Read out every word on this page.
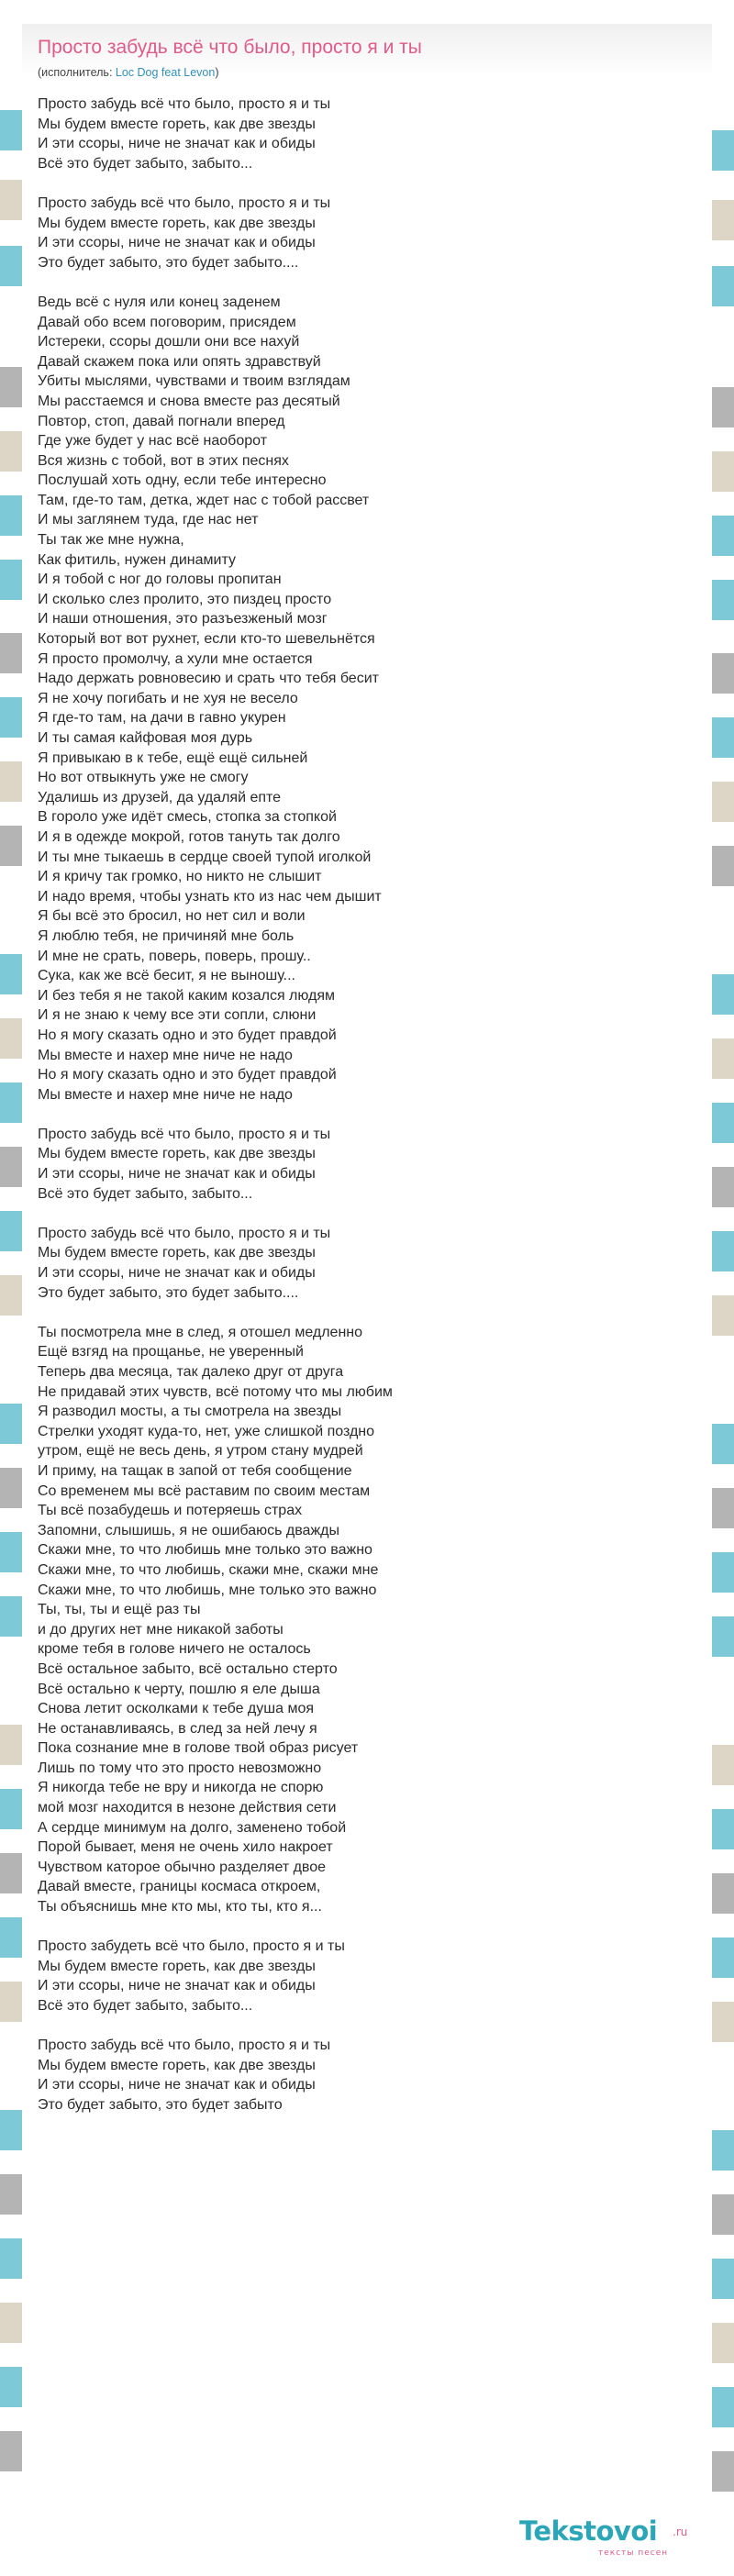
Просто забудь всё что было, просто я и ты
(исполнитель: Loc Dog feat Levon)
Просто забудь всё что было, просто я и ты
Мы будем вместе гореть, как две звезды
И эти ссоры, ниче не значат как и обиды
Всё это будет забыто, забыто...
Просто забудь всё что было, просто я и ты
Мы будем вместе гореть, как две звезды
И эти ссоры, ниче не значат как и обиды
Это будет забыто, это будет забыто....
Ведь всё с нуля или конец заденем
Давай обо всем поговорим, присядем
Истереки, ссоры дошли они все нахуй
Давай скажем пока или опять здравствуй
Убиты мыслями, чувствами и твоим взглядам
Мы расстаемся и снова вместе раз десятый
Повтор, стоп, давай погнали вперед
Где уже будет у нас всё наоборот
Вся жизнь с тобой, вот в этих песнях
Послушай хоть одну, если тебе интересно
Там, где-то там, детка, ждет нас с тобой рассвет
И мы заглянем туда, где нас нет
Ты так же мне нужна,
Как фитиль, нужен динамиту
И я тобой с ног до головы пропитан
И сколько слез пролито, это пиздец просто
И наши отношения, это разъезженый мозг
Который вот вот рухнет, если кто-то шевельнётся
Я просто промолчу, а хули мне остается
Надо держать ровновесию и срать что тебя бесит
Я не хочу погибать и не хуя не весело
Я где-то там, на дачи в гавно укурен
И ты самая кайфовая моя дурь
Я привыкаю в к тебе, ещё ещё сильней
Но вот отвыкнуть уже не смогу
Удалишь из друзей, да удаляй епте
В гороло уже идёт смесь, стопка за стопкой
И я в одежде мокрой, готов тануть так долго
И ты мне тыкаешь в сердце своей тупой иголкой
И я кричу так громко, но никто не слышит
И надо время, чтобы узнать кто из нас чем дышит
Я бы всё это бросил, но нет сил и воли
Я люблю тебя, не причиняй мне боль
И мне не срать, поверь, поверь, прошу..
Сука, как же всё бесит, я не выношу...
И без тебя я не такой каким козался людям
И я не знаю к чему все эти сопли, слюни
Но я могу сказать одно и это будет правдой
Мы вместе и нахер мне ниче не надо
Но я могу сказать одно и это будет правдой
Мы вместе и нахер мне ниче не надо
Просто забудь всё что было, просто я и ты
Мы будем вместе гореть, как две звезды
И эти ссоры, ниче не значат как и обиды
Всё это будет забыто, забыто...
Просто забудь всё что было, просто я и ты
Мы будем вместе гореть, как две звезды
И эти ссоры, ниче не значат как и обиды
Это будет забыто, это будет забыто....
Ты посмотрела мне в след, я отошел медленно
Ещё взгяд на прощанье, не уверенный
Теперь два месяца, так далеко друг от друга
Не придавай этих чувств, всё потому что мы любим
Я разводил мосты, а ты смотрела на звезды
Стрелки уходят куда-то, нет, уже слишкой поздно
утром, ещё не весь день, я утром стану мудрей
И приму, на тащак в запой от тебя сообщение
Со временем мы всё раставим по своим местам
Ты всё позабудешь и потеряешь страх
Запомни, слышишь, я не ошибаюсь дважды
Скажи мне, то что любишь мне только это важно
Скажи мне, то что любишь, скажи мне, скажи мне
Скажи мне, то что любишь, мне только это важно
Ты, ты, ты и ещё раз ты
и до других нет мне никакой заботы
кроме тебя в голове ничего не осталось
Всё остальное забыто, всё остально стерто
Всё остально к черту, пошлю я еле дыша
Снова летит осколками к тебе душа моя
Не останавливаясь, в след за ней лечу я
Пока сознание мне в голове твой образ рисует
Лишь по тому что это просто невозможно
Я никогда тебе не вру и никогда не спорю
мой мозг находится в незоне действия сети
А сердце минимум на долго, заменено тобой
Порой бывает, меня не очень хило накроет
Чувством каторое обычно разделяет двое
Давай вместе, границы космаса откроем,
Ты объяснишь мне кто мы, кто ты, кто я...
Просто забудеть всё что было, просто я и ты
Мы будем вместе гореть, как две звезды
И эти ссоры, ниче не значат как и обиды
Всё это будет забыто, забыто...
Просто забудь всё что было, просто я и ты
Мы будем вместе гореть, как две звезды
И эти ссоры, ниче не значат как и обиды
Это будет забыто, это будет забыто
Tekstovoi .ru
тексты песен
